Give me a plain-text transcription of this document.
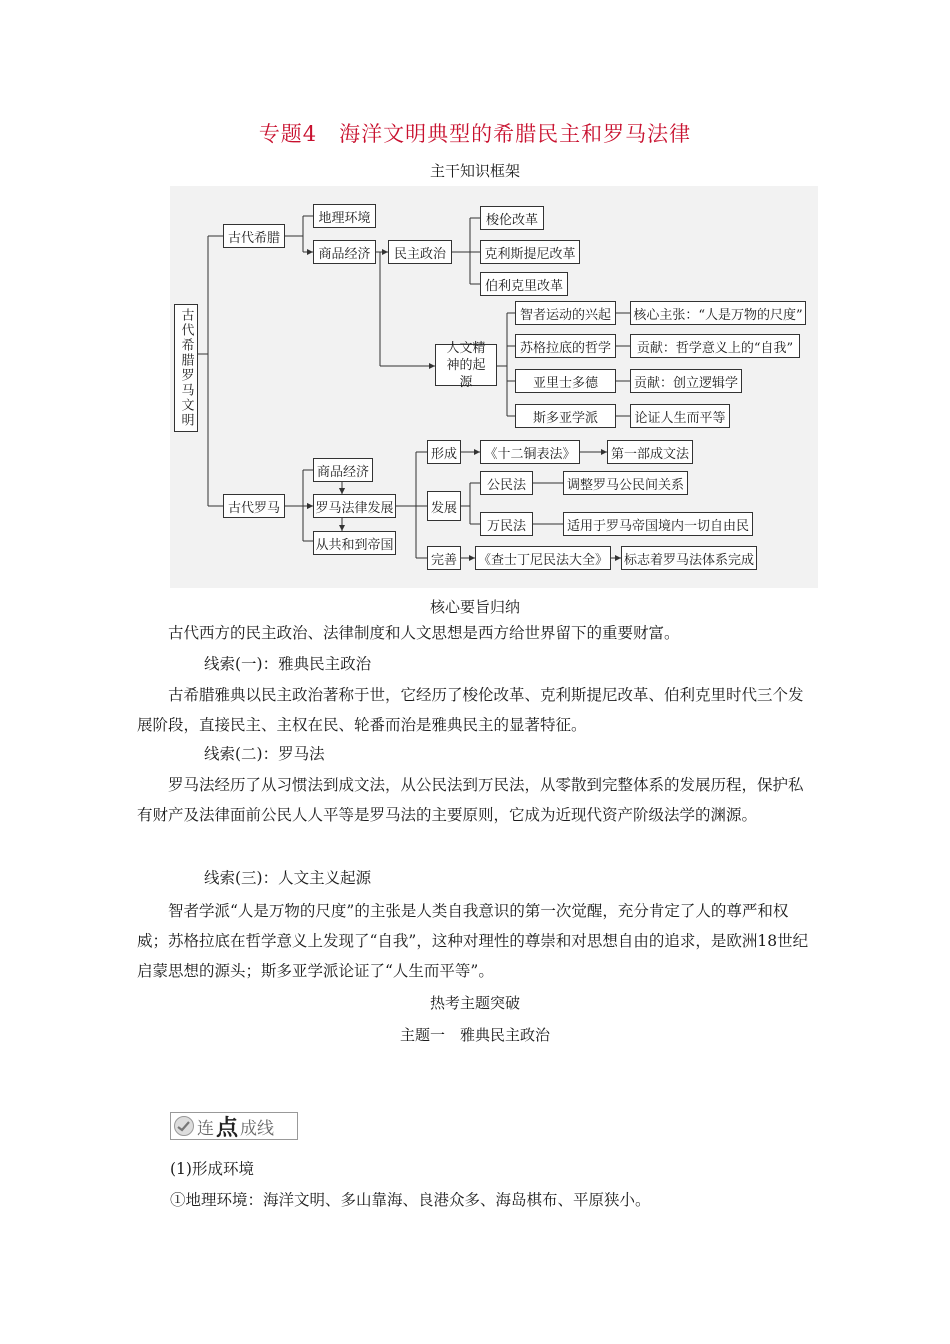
专题4　海洋文明典型的希腊民主和罗马法律
主干知识框架
古代希腊罗马文明
古代希腊
地理环境
商品经济	民主政治
梭伦改革
克利斯提尼改革
伯利克里改革
人文精神的起源
智者运动的兴起	核心主张：“人是万物的尺度”
苏格拉底的哲学	贡献：哲学意义上的“自我”
亚里士多德	贡献：创立逻辑学
斯多亚学派	论证人生而平等
古代罗马
商品经济
罗马法律发展
从共和到帝国
形成	《十二铜表法》	第一部成文法
发展
公民法	调整罗马公民间关系
万民法	适用于罗马帝国境内一切自由民
完善	《查士丁尼民法大全》 标志着罗马法体系完成
核心要旨归纳
古代西方的民主政治、法律制度和人文思想是西方给世界留下的重要财富。
线索(一)：雅典民主政治
古希腊雅典以民主政治著称于世，它经历了梭伦改革、克利斯提尼改革、伯利克里时代三个发展阶段，直接民主、主权在民、轮番而治是雅典民主的显著特征。
线索(二)：罗马法
罗马法经历了从习惯法到成文法，从公民法到万民法，从零散到完整体系的发展历程，保护私有财产及法律面前公民人人平等是罗马法的主要原则，它成为近现代资产阶级法学的渊源。
线索(三)：人文主义起源
智者学派“人是万物的尺度”的主张是人类自我意识的第一次觉醒，充分肯定了人的尊严和权威；苏格拉底在哲学意义上发现了“自我”，这种对理性的尊崇和对思想自由的追求，是欧洲18世纪启蒙思想的源头；斯多亚学派论证了“人生而平等”。
热考主题突破
主题一　雅典民主政治
连 点 成线
(1)形成环境
①地理环境：海洋文明、多山靠海、良港众多、海岛棋布、平原狭小。
